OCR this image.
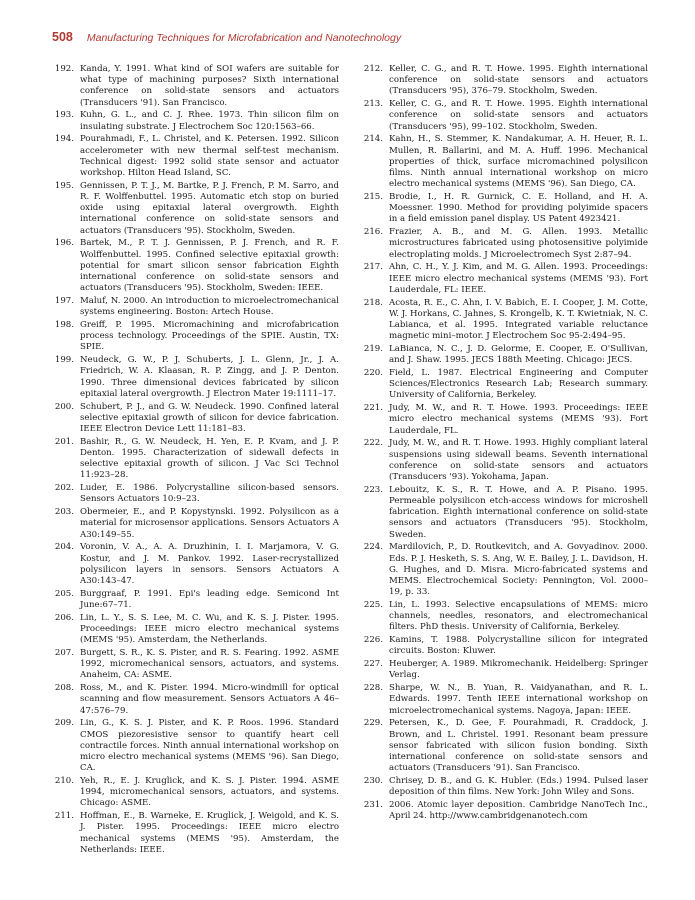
508 Manufacturing Techniques for Microfabrication and Nanotechnology
192. Kanda, Y. 1991. What kind of SOI wafers are suitable for what type of machining purposes? Sixth international conference on solid-state sensors and actuators (Transducers '91). San Francisco.
193. Kuhn, G. L., and C. J. Rhee. 1973. Thin silicon film on insulating substrate. J Electrochem Soc 120:1563–66.
194. Pourahmadi, F., L. Christel, and K. Petersen. 1992. Silicon accelerometer with new thermal self-test mechanism. Technical digest: 1992 solid state sensor and actuator workshop. Hilton Head Island, SC.
195. Gennissen, P. T. J., M. Bartke, P. J. French, P. M. Sarro, and R. F. Wolffenbuttel. 1995. Automatic etch stop on buried oxide using epitaxial lateral overgrowth. Eighth international conference on solid-state sensors and actuators (Transducers '95). Stockholm, Sweden.
196. Bartek, M., P. T. J. Gennissen, P. J. French, and R. F. Wolffenbuttel. 1995. Confined selective epitaxial growth: potential for smart silicon sensor fabrication Eighth international conference on solid-state sensors and actuators (Transducers '95). Stockholm, Sweden: IEEE.
197. Maluf, N. 2000. An introduction to microelectromechanical systems engineering. Boston: Artech House.
198. Greiff, P. 1995. Micromachining and microfabrication process technology. Proceedings of the SPIE. Austin, TX: SPIE.
199. Neudeck, G. W., P. J. Schuberts, J. L. Glenn, Jr., J. A. Friedrich, W. A. Klaasan, R. P. Zingg, and J. P. Denton. 1990. Three dimensional devices fabricated by silicon epitaxial lateral overgrowth. J Electron Mater 19:1111–17.
200. Schubert, P. J., and G. W. Neudeck. 1990. Confined lateral selective epitaxial growth of silicon for device fabrication. IEEE Electron Device Lett 11:181–83.
201. Bashir, R., G. W. Neudeck, H. Yen, E. P. Kvam, and J. P. Denton. 1995. Characterization of sidewall defects in selective epitaxial growth of silicon. J Vac Sci Technol 11:923–28.
202. Luder, E. 1986. Polycrystalline silicon-based sensors. Sensors Actuators 10:9–23.
203. Obermeier, E., and P. Kopystynski. 1992. Polysilicon as a material for microsensor applications. Sensors Actuators A A30:149–55.
204. Voronin, V. A., A. A. Druzhinin, I. I. Marjamora, V. G. Kostur, and J. M. Pankov. 1992. Laser-recrystallized polysilicon layers in sensors. Sensors Actuators A A30:143–47.
205. Burggraaf, P. 1991. Epi's leading edge. Semicond Int June:67–71.
206. Lin, L. Y., S. S. Lee, M. C. Wu, and K. S. J. Pister. 1995. Proceedings: IEEE micro electro mechanical systems (MEMS '95). Amsterdam, the Netherlands.
207. Burgett, S. R., K. S. Pister, and R. S. Fearing. 1992. ASME 1992, micromechanical sensors, actuators, and systems. Anaheim, CA: ASME.
208. Ross, M., and K. Pister. 1994. Micro-windmill for optical scanning and flow measurement. Sensors Actuators A 46–47:576–79.
209. Lin, G., K. S. J. Pister, and K. P. Roos. 1996. Standard CMOS piezoresistive sensor to quantify heart cell contractile forces. Ninth annual international workshop on micro electro mechanical systems (MEMS '96). San Diego, CA.
210. Yeh, R., E. J. Kruglick, and K. S. J. Pister. 1994. ASME 1994, micromechanical sensors, actuators, and systems. Chicago: ASME.
211. Hoffman, E., B. Warneke, E. Kruglick, J. Weigold, and K. S. J. Pister. 1995. Proceedings: IEEE micro electro mechanical systems (MEMS '95). Amsterdam, the Netherlands: IEEE.
212. Keller, C. G., and R. T. Howe. 1995. Eighth international conference on solid-state sensors and actuators (Transducers '95), 376–79. Stockholm, Sweden.
213. Keller, C. G., and R. T. Howe. 1995. Eighth international conference on solid-state sensors and actuators (Transducers '95), 99–102. Stockholm, Sweden.
214. Kahn, H., S. Stemmer, K. Nandakumar, A. H. Heuer, R. L. Mullen, R. Ballarini, and M. A. Huff. 1996. Mechanical properties of thick, surface micromachined polysilicon films. Ninth annual international workshop on micro electro mechanical systems (MEMS '96). San Diego, CA.
215. Brodie, I., H. R. Gurnick, C. E. Holland, and H. A. Moessner. 1990. Method for providing polyimide spacers in a field emission panel display. US Patent 4923421.
216. Frazier, A. B., and M. G. Allen. 1993. Metallic microstructures fabricated using photosensitive polyimide electroplating molds. J Microelectromech Syst 2:87–94.
217. Ahn, C. H., Y. J. Kim, and M. G. Allen. 1993. Proceedings: IEEE micro electro mechanical systems (MEMS '93). Fort Lauderdale, FL: IEEE.
218. Acosta, R. E., C. Ahn, I. V. Babich, E. I. Cooper, J. M. Cotte, W. J. Horkans, C. Jahnes, S. Krongelb, K. T. Kwietniak, N. C. Labianca, et al. 1995. Integrated variable reluctance magnetic mini–motor. J Electrochem Soc 95-2:494–95.
219. LaBianca, N. C., J. D. Gelorme, E. Cooper, E. O'Sullivan, and J. Shaw. 1995. JECS 188th Meeting. Chicago: JECS.
220. Field, L. 1987. Electrical Engineering and Computer Sciences/Electronics Research Lab; Research summary. University of California, Berkeley.
221. Judy, M. W., and R. T. Howe. 1993. Proceedings: IEEE micro electro mechanical systems (MEMS '93). Fort Lauderdale, FL.
222. Judy, M. W., and R. T. Howe. 1993. Highly compliant lateral suspensions using sidewall beams. Seventh international conference on solid-state sensors and actuators (Transducers '93). Yokohama, Japan.
223. Lebouitz, K. S., R. T. Howe, and A. P. Pisano. 1995. Permeable polysilicon etch-access windows for microshell fabrication. Eighth international conference on solid-state sensors and actuators (Transducers '95). Stockholm, Sweden.
224. Mardilovich, P., D. Routkevitch, and A. Govyadinov. 2000. Eds. P. J. Hesketh, S. S. Ang, W. E. Bailey, J. L. Davidson, H. G. Hughes, and D. Misra. Micro-fabricated systems and MEMS. Electrochemical Society: Pennington, Vol. 2000–19, p. 33.
225. Lin, L. 1993. Selective encapsulations of MEMS: micro channels, needles, resonators, and electromechanical filters. PhD thesis. University of California, Berkeley.
226. Kamins, T. 1988. Polycrystalline silicon for integrated circuits. Boston: Kluwer.
227. Heuberger, A. 1989. Mikromechanik. Heidelberg: Springer Verlag.
228. Sharpe, W. N., B. Yuan, R. Vaidyanathan, and R. L. Edwards. 1997. Tenth IEEE international workshop on microelectromechanical systems. Nagoya, Japan: IEEE.
229. Petersen, K., D. Gee, F. Pourahmadi, R. Craddock, J. Brown, and L. Christel. 1991. Resonant beam pressure sensor fabricated with silicon fusion bonding. Sixth international conference on solid-state sensors and actuators (Transducers '91). San Francisco.
230. Chrisey, D. B., and G. K. Hubler. (Eds.) 1994. Pulsed laser deposition of thin films. New York: John Wiley and Sons.
231. 2006. Atomic layer deposition. Cambridge NanoTech Inc., April 24. http://www.cambridgenanotech.com
